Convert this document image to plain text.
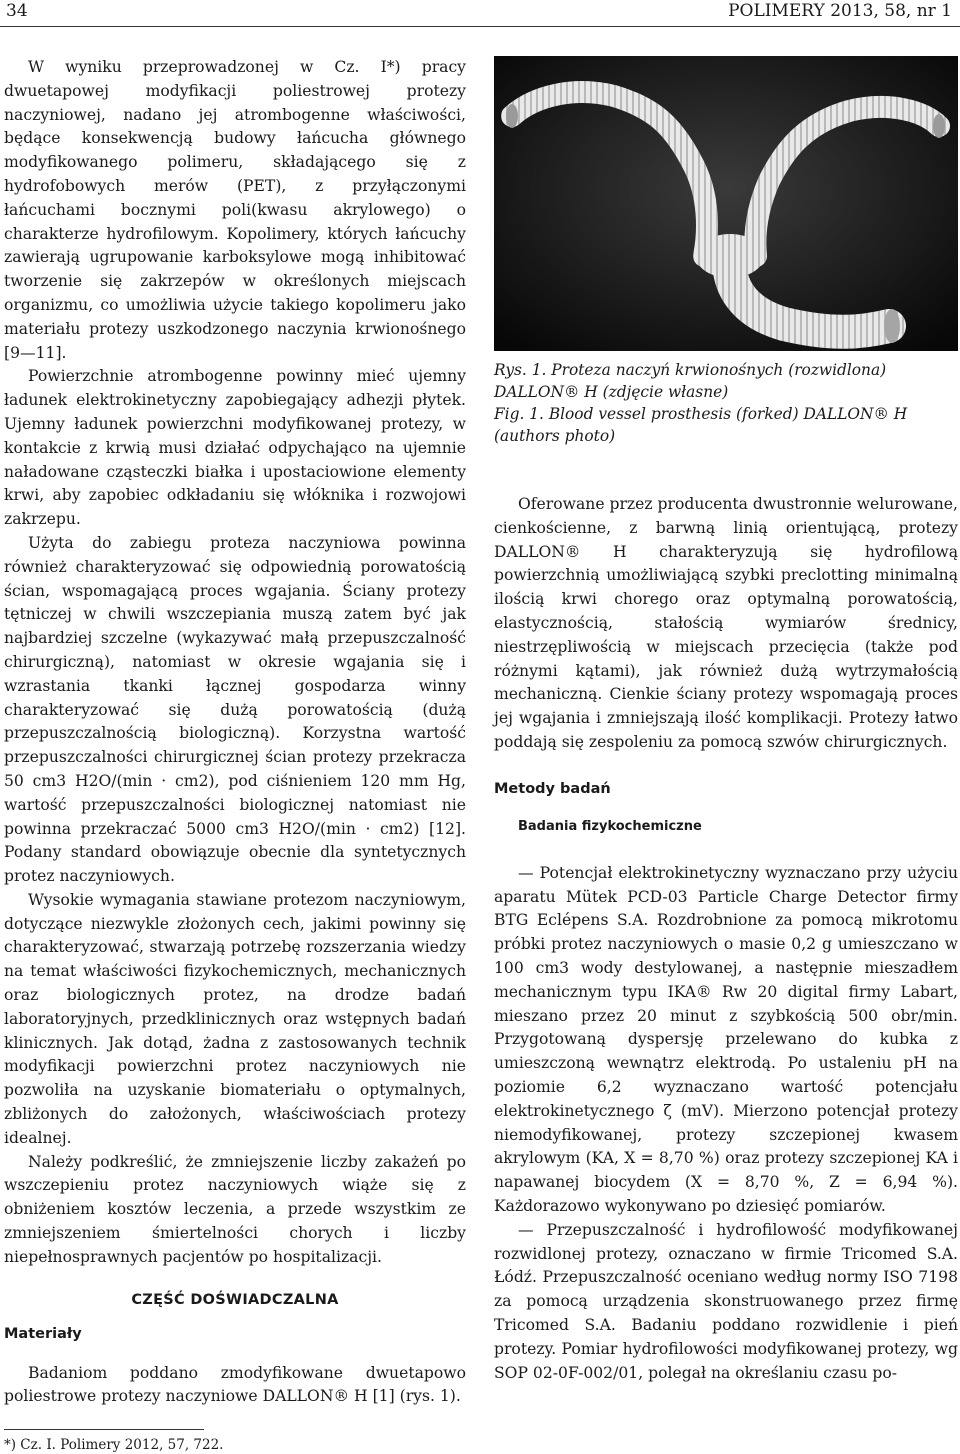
34	POLIMERY 2013, 58, nr 1

W wyniku przeprowadzonej w Cz. I*) pracy dwuetapowej modyfikacji poliestrowej protezy naczyniowej, nadano jej atrombogenne właściwości, będące konsekwencją budowy łańcucha głównego modyfikowanego polimeru, składającego się z hydrofobowych merów (PET), z przyłączonymi łańcuchami bocznymi poli(kwasu akrylowego) o charakterze hydrofilowym. Kopolimery, których łańcuchy zawierają ugrupowanie karboksylowe mogą inhibitować tworzenie się zakrzepów w określonych miejscach organizmu, co umożliwia użycie takiego kopolimeru jako materiału protezy uszkodzonego naczynia krwionośnego [9—11].

Powierzchnie atrombogenne powinny mieć ujemny ładunek elektrokinetyczny zapobiegający adhezji płytek. Ujemny ładunek powierzchni modyfikowanej protezy, w kontakcie z krwią musi działać odpychająco na ujemnie naładowane cząsteczki białka i upostaciowione elementy krwi, aby zapobiec odkładaniu się włóknika i rozwojowi zakrzepu.

Użyta do zabiegu proteza naczyniowa powinna również charakteryzować się odpowiednią porowatością ścian, wspomagającą proces wgajania. Ściany protezy tętniczej w chwili wszczepiania muszą zatem być jak najbardziej szczelne (wykazywać małą przepuszczalność chirurgiczną), natomiast w okresie wgajania się i wzrastania tkanki łącznej gospodarza winny charakteryzować się dużą porowatością (dużą przepuszczalnością biologiczną). Korzystna wartość przepuszczalności chirurgicznej ścian protezy przekracza 50 cm3 H2O/(min · cm2), pod ciśnieniem 120 mm Hg, wartość przepuszczalności biologicznej natomiast nie powinna przekraczać 5000 cm3 H2O/(min · cm2) [12]. Podany standard obowiązuje obecnie dla syntetycznych protez naczyniowych.

Wysokie wymagania stawiane protezom naczyniowym, dotyczące niezwykle złożonych cech, jakimi powinny się charakteryzować, stwarzają potrzebę rozszerzania wiedzy na temat właściwości fizykochemicznych, mechanicznych oraz biologicznych protez, na drodze badań laboratoryjnych, przedklinicznych oraz wstępnych badań klinicznych. Jak dotąd, żadna z zastosowanych technik modyfikacji powierzchni protez naczyniowych nie pozwoliła na uzyskanie biomateriału o optymalnych, zbliżonych do założonych, właściwościach protezy idealnej.

Należy podkreślić, że zmniejszenie liczby zakażeń po wszczepieniu protez naczyniowych wiąże się z obniżeniem kosztów leczenia, a przede wszystkim ze zmniejszeniem śmiertelności chorych i liczby niepełnosprawnych pacjentów po hospitalizacji.

CZĘŚĆ DOŚWIADCZALNA
Materiały

Badaniom poddano zmodyfikowane dwuetapowo poliestrowe protezy naczyniowe DALLON® H [1] (rys. 1).

*) Cz. I. Polimery 2012, 57, 722.

Rys. 1. Proteza naczyń krwionośnych (rozwidlona) DALLON® H (zdjęcie własne)

Fig. 1. Blood vessel prosthesis (forked) DALLON® H (authors photo)

Oferowane przez producenta dwustronnie welurowane, cienkościenne, z barwną linią orientującą, protezy DALLON® H charakteryzują się hydrofilową powierzchnią umożliwiającą szybki preclotting minimalną ilością krwi chorego oraz optymalną porowatością, elastycznością, stałością wymiarów średnicy, niestrzępliwością w miejscach przecięcia (także pod różnymi kątami), jak również dużą wytrzymałością mechaniczną. Cienkie ściany protezy wspomagają proces jej wgajania i zmniejszają ilość komplikacji. Protezy łatwo poddają się zespoleniu za pomocą szwów chirurgicznych.

Metody badań
Badania fizykochemiczne

— Potencjał elektrokinetyczny wyznaczano przy użyciu aparatu Mütek PCD-03 Particle Charge Detector firmy BTG Eclépens S.A. Rozdrobnione za pomocą mikrotomu próbki protez naczyniowych o masie 0,2 g umieszczano w 100 cm3 wody destylowanej, a następnie mieszadłem mechanicznym typu IKA® Rw 20 digital firmy Labart, mieszano przez 20 minut z szybkością 500 obr/min. Przygotowaną dyspersję przelewano do kubka z umieszczoną wewnątrz elektrodą. Po ustaleniu pH na poziomie 6,2 wyznaczano wartość potencjału elektrokinetycznego ζ (mV). Mierzono potencjał protezy niemodyfikowanej, protezy szczepionej kwasem akrylowym (KA, X = 8,70 %) oraz protezy szczepionej KA i napawanej biocydem (X = 8,70 %, Z = 6,94 %). Każdorazowo wykonywano po dziesięć pomiarów.

— Przepuszczalność i hydrofilowość modyfikowanej rozwidlonej protezy, oznaczano w firmie Tricomed S.A. Łódź. Przepuszczalność oceniano według normy ISO 7198 za pomocą urządzenia skonstruowanego przez firmę Tricomed S.A. Badaniu poddano rozwidlenie i pień protezy. Pomiar hydrofilowości modyfikowanej protezy, wg SOP 02-0F-002/01, polegał na określaniu czasu po-
